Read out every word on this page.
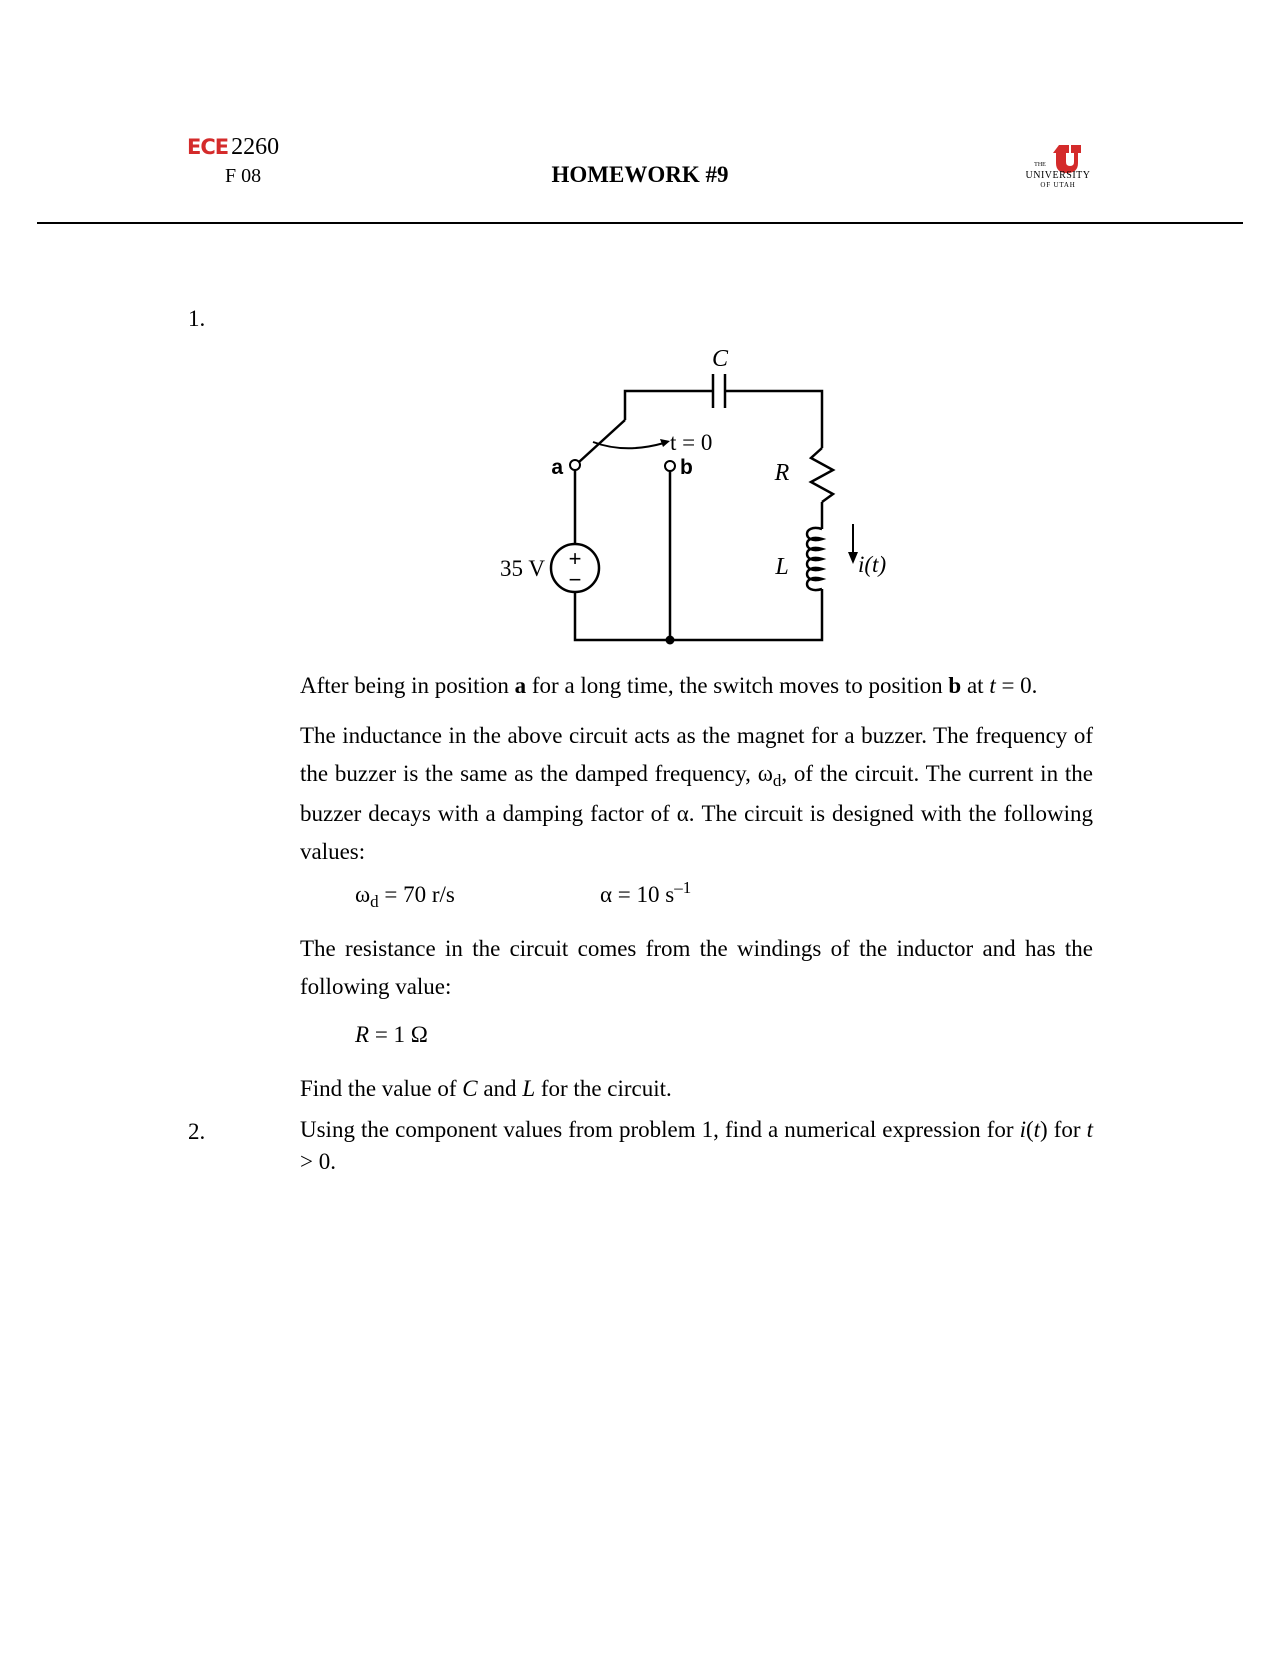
ECE 2260
F 08	HOMEWORK #9	THE
UNIVERSITY
OF UTAH
1.
C
t = 0
R
L	i(t)
a	b
35 V +
−
After being in position a for a long time, the switch moves to position b at t = 0.
The inductance in the above circuit acts as the magnet for a buzzer. The frequency of the buzzer is the same as the damped frequency, $\omega_d$, of the circuit. The current in the buzzer decays with a damping factor of α. The circuit is designed with the following values:
$\omega_d = 70$ r/s	α = 10 $s^{-1}$
The resistance in the circuit comes from the windings of the inductor and has the following value:
R = 1 Ω
Find the value of C and L for the circuit.
2.	Using the component values from problem 1, find a numerical expression for i(t) for t > 0.
